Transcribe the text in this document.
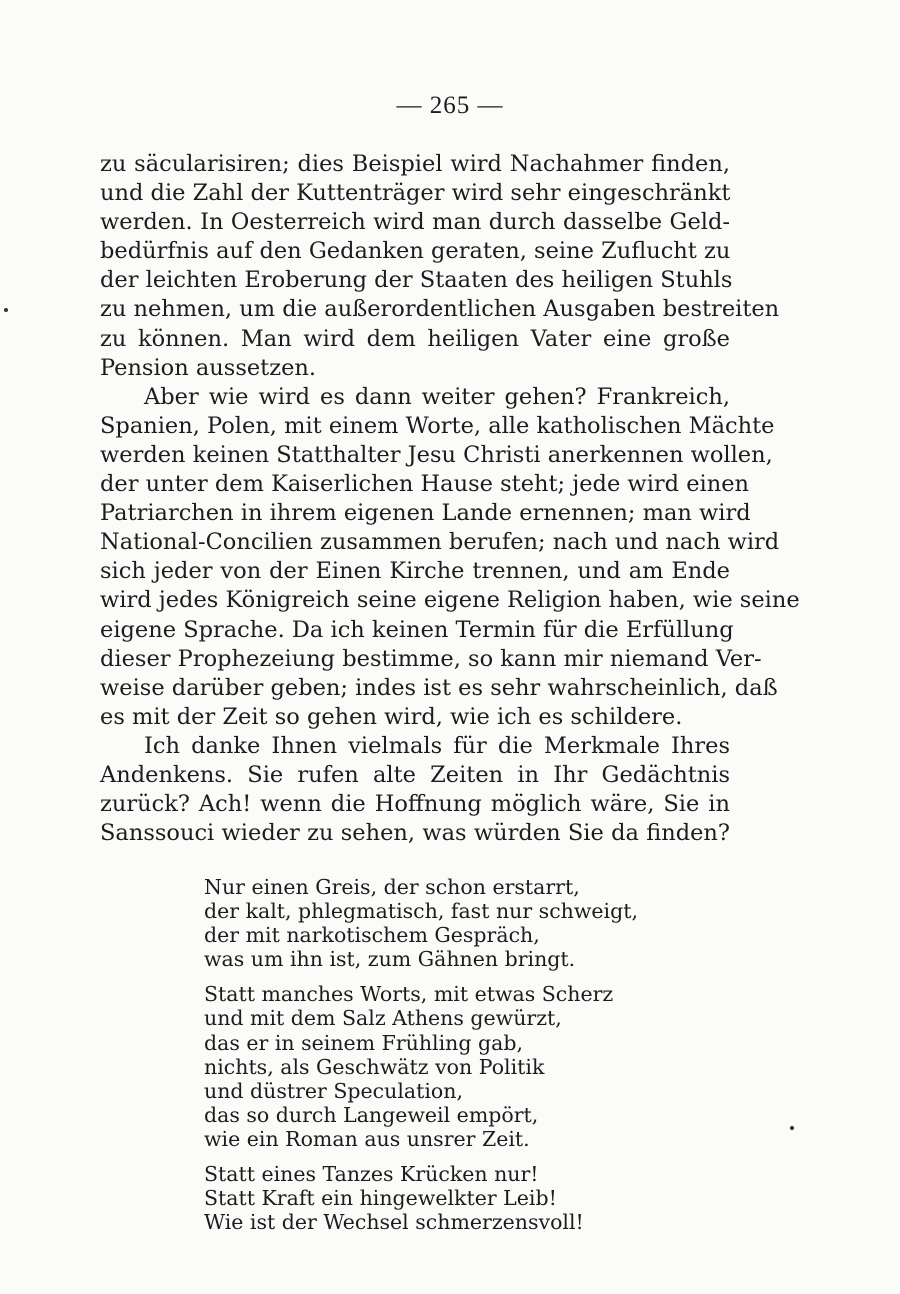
— 265 —
zu säcularisiren; dies Beispiel wird Nachahmer finden,
und die Zahl der Kuttenträger wird sehr eingeschränkt
werden. In Oesterreich wird man durch dasselbe Geld-
bedürfnis auf den Gedanken geraten, seine Zuflucht zu
der leichten Eroberung der Staaten des heiligen Stuhls
zu nehmen, um die außerordentlichen Ausgaben bestreiten
zu können. Man wird dem heiligen Vater eine große
Pension aussetzen.
Aber wie wird es dann weiter gehen? Frankreich,
Spanien, Polen, mit einem Worte, alle katholischen Mächte
werden keinen Statthalter Jesu Christi anerkennen wollen,
der unter dem Kaiserlichen Hause steht; jede wird einen
Patriarchen in ihrem eigenen Lande ernennen; man wird
National-Concilien zusammen berufen; nach und nach wird
sich jeder von der Einen Kirche trennen, und am Ende
wird jedes Königreich seine eigene Religion haben, wie seine
eigene Sprache. Da ich keinen Termin für die Erfüllung
dieser Prophezeiung bestimme, so kann mir niemand Ver-
weise darüber geben; indes ist es sehr wahrscheinlich, daß
es mit der Zeit so gehen wird, wie ich es schildere.
Ich danke Ihnen vielmals für die Merkmale Ihres
Andenkens. Sie rufen alte Zeiten in Ihr Gedächtnis
zurück? Ach! wenn die Hoffnung möglich wäre, Sie in
Sanssouci wieder zu sehen, was würden Sie da finden?
Nur einen Greis, der schon erstarrt,
der kalt, phlegmatisch, fast nur schweigt,
der mit narkotischem Gespräch,
was um ihn ist, zum Gähnen bringt.
Statt manches Worts, mit etwas Scherz
und mit dem Salz Athens gewürzt,
das er in seinem Frühling gab,
nichts, als Geschwätz von Politik
und düstrer Speculation,
das so durch Langeweil empört,
wie ein Roman aus unsrer Zeit.
Statt eines Tanzes Krücken nur!
Statt Kraft ein hingewelkter Leib!
Wie ist der Wechsel schmerzensvoll!
